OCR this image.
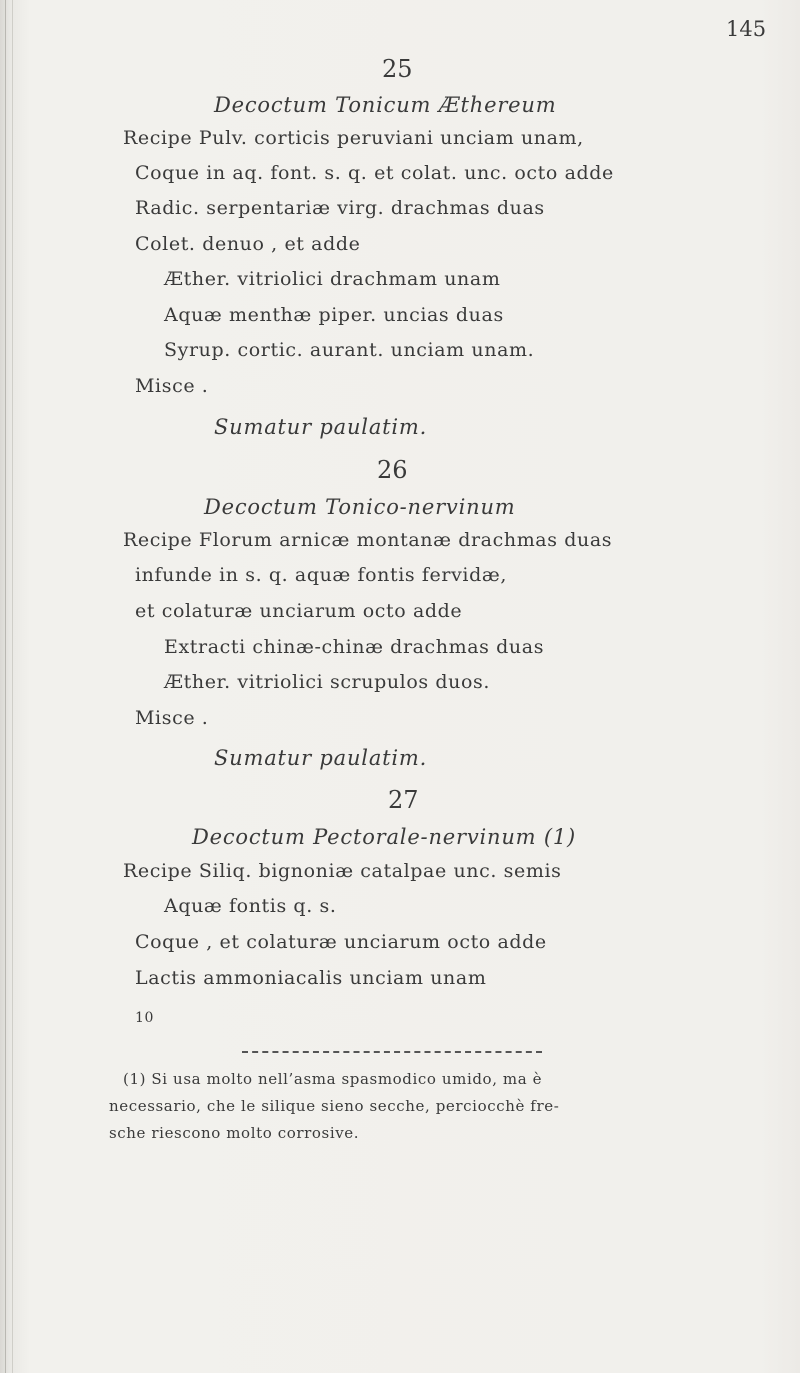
145
25
Decoctum Tonicum Æthereum
Recipe Pulv. corticis peruviani unciam unam,
Coque in aq. font. s. q. et colat. unc. octo adde
Radic. serpentariæ virg. drachmas duas
Colet. denuo , et adde
Æther. vitriolici drachmam unam
Aquæ menthæ piper. uncias duas
Syrup. cortic. aurant. unciam unam.
Misce .
Sumatur paulatim.
26
Decoctum Tonico-nervinum
Recipe Florum arnicæ montanæ drachmas duas
infunde in s. q. aquæ fontis fervidæ,
et colaturæ unciarum octo adde
Extracti chinæ-chinæ drachmas duas
Æther. vitriolici scrupulos duos.
Misce .
Sumatur paulatim.
27
Decoctum Pectorale-nervinum (1)
Recipe Siliq. bignoniæ catalpae unc. semis
Aquæ fontis q. s.
Coque , et colaturæ unciarum octo adde
Lactis ammoniacalis unciam unam
10
(1) Si usa molto nell’asma spasmodico umido, ma è
necessario, che le silique sieno secche, perciocchè fre-
sche riescono molto corrosive.
